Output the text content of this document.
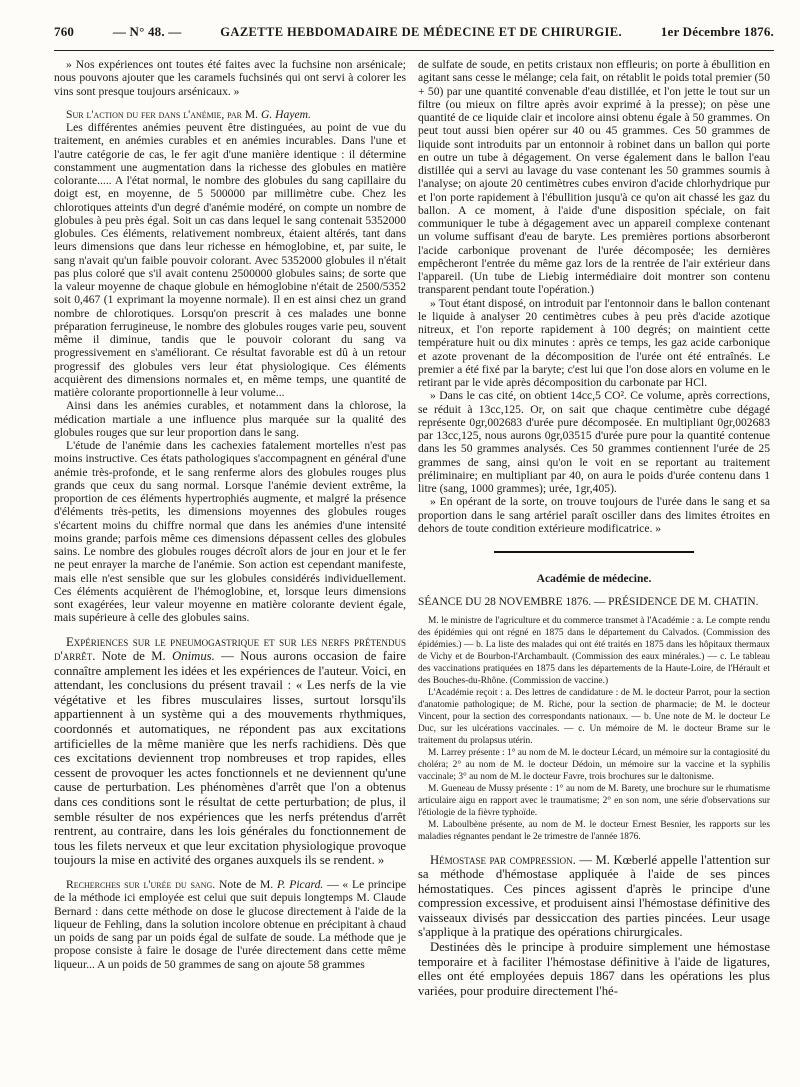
760	— N° 48. —	GAZETTE HEBDOMADAIRE DE MÉDECINE ET DE CHIRURGIE.	1er Décembre 1876.

» Nos expériences ont toutes été faites avec la fuchsine non arsénicale; nous pouvons ajouter que les caramels fuchsinés qui ont servi à colorer les vins sont presque toujours arsénicaux. »

Sur l'action du fer dans l'anémie, par M. G. Hayem.

Les différentes anémies peuvent être distinguées, au point de vue du traitement, en anémies curables et en anémies incurables. Dans l'une et l'autre catégorie de cas, le fer agit d'une manière identique : il détermine constamment une augmentation dans la richesse des globules en matière colorante..... A l'état normal, le nombre des globules du sang capillaire du doigt est, en moyenne, de 5 500000 par millimètre cube. Chez les chlorotiques atteints d'un degré d'anémie modéré, on compte un nombre de globules à peu près égal. Soit un cas dans lequel le sang contenait 5352000 globules. Ces éléments, relativement nombreux, étaient altérés, tant dans leurs dimensions que dans leur richesse en hémoglobine, et, par suite, le sang n'avait qu'un faible pouvoir colorant. Avec 5352000 globules il n'était pas plus coloré que s'il avait contenu 2500000 globules sains; de sorte que la valeur moyenne de chaque globule en hémoglobine n'était de 2500/5352 soit 0,467 (1 exprimant la moyenne normale). Il en est ainsi chez un grand nombre de chlorotiques. Lorsqu'on prescrit à ces malades une bonne préparation ferrugineuse, le nombre des globules rouges varie peu, souvent même il diminue, tandis que le pouvoir colorant du sang va progressivement en s'améliorant. Ce résultat favorable est dû à un retour progressif des globules vers leur état physiologique. Ces éléments acquièrent des dimensions normales et, en même temps, une quantité de matière colorante proportionnelle à leur volume...

Ainsi dans les anémies curables, et notamment dans la chlorose, la médication martiale a une influence plus marquée sur la qualité des globules rouges que sur leur proportion dans le sang.

L'étude de l'anémie dans les cachexies fatalement mortelles n'est pas moins instructive. Ces états pathologiques s'accompagnent en général d'une anémie très-profonde, et le sang renferme alors des globules rouges plus grands que ceux du sang normal. Lorsque l'anémie devient extrême, la proportion de ces éléments hypertrophiés augmente, et malgré la présence d'éléments très-petits, les dimensions moyennes des globules rouges s'écartent moins du chiffre normal que dans les anémies d'une intensité moins grande; parfois même ces dimensions dépassent celles des globules sains. Le nombre des globules rouges décroît alors de jour en jour et le fer ne peut enrayer la marche de l'anémie. Son action est cependant manifeste, mais elle n'est sensible que sur les globules considérés individuellement. Ces éléments acquièrent de l'hémoglobine, et, lorsque leurs dimensions sont exagérées, leur valeur moyenne en matière colorante devient égale, mais supérieure à celle des globules sains.

Expériences sur le pneumogastrique et sur les nerfs prétendus d'arrêt. Note de M. Onimus. — Nous aurons occasion de faire connaître amplement les idées et les expériences de l'auteur. Voici, en attendant, les conclusions du présent travail : « Les nerfs de la vie végétative et les fibres musculaires lisses, surtout lorsqu'ils appartiennent à un système qui a des mouvements rhythmiques, coordonnés et automatiques, ne répondent pas aux excitations artificielles de la même manière que les nerfs rachidiens. Dès que ces excitations deviennent trop nombreuses et trop rapides, elles cessent de provoquer les actes fonctionnels et ne deviennent qu'une cause de perturbation. Les phénomènes d'arrêt que l'on a obtenus dans ces conditions sont le résultat de cette perturbation; de plus, il semble résulter de nos expériences que les nerfs prétendus d'arrêt rentrent, au contraire, dans les lois générales du fonctionnement de tous les filets nerveux et que leur excitation physiologique provoque toujours la mise en activité des organes auxquels ils se rendent. »

Recherches sur l'urée du sang. Note de M. P. Picard. — « Le principe de la méthode ici employée est celui que suit depuis longtemps M. Claude Bernard : dans cette méthode on dose le glucose directement à l'aide de la liqueur de Fehling, dans la solution incolore obtenue en précipitant à chaud un poids de sang par un poids égal de sulfate de soude. La méthode que je propose consiste à faire le dosage de l'urée directement dans cette même liqueur... A un poids de 50 grammes de sang on ajoute 58 grammes

de sulfate de soude, en petits cristaux non effleuris; on porte à ébullition en agitant sans cesse le mélange; cela fait, on rétablit le poids total premier (50 + 50) par une quantité convenable d'eau distillée, et l'on jette le tout sur un filtre (ou mieux on filtre après avoir exprimé à la presse); on pèse une quantité de ce liquide clair et incolore ainsi obtenu égale à 50 grammes. On peut tout aussi bien opérer sur 40 ou 45 grammes. Ces 50 grammes de liquide sont introduits par un entonnoir à robinet dans un ballon qui porte en outre un tube à dégagement. On verse également dans le ballon l'eau distillée qui a servi au lavage du vase contenant les 50 grammes soumis à l'analyse; on ajoute 20 centimètres cubes environ d'acide chlorhydrique pur et l'on porte rapidement à l'ébullition jusqu'à ce qu'on ait chassé les gaz du ballon. A ce moment, à l'aide d'une disposition spéciale, on fait communiquer le tube à dégagement avec un appareil complexe contenant un volume suffisant d'eau de baryte. Les premières portions absorberont l'acide carbonique provenant de l'urée décomposée; les dernières empêcheront l'entrée du même gaz lors de la rentrée de l'air extérieur dans l'appareil. (Un tube de Liebig intermédiaire doit montrer son contenu transparent pendant toute l'opération.)

» Tout étant disposé, on introduit par l'entonnoir dans le ballon contenant le liquide à analyser 20 centimètres cubes à peu près d'acide azotique nitreux, et l'on reporte rapidement à 100 degrés; on maintient cette température huit ou dix minutes : après ce temps, les gaz acide carbonique et azote provenant de la décomposition de l'urée ont été entraînés. Le premier a été fixé par la baryte; c'est lui que l'on dose alors en volume en le retirant par le vide après décomposition du carbonate par HCl.

» Dans le cas cité, on obtient 14cc,5 CO². Ce volume, après corrections, se réduit à 13cc,125. Or, on sait que chaque centimètre cube dégagé représente 0gr,002683 d'urée pure décomposée. En multipliant 0gr,002683 par 13cc,125, nous aurons 0gr,03515 d'urée pure pour la quantité contenue dans les 50 grammes analysés. Ces 50 grammes contiennent l'urée de 25 grammes de sang, ainsi qu'on le voit en se reportant au traitement préliminaire; en multipliant par 40, on aura le poids d'urée contenu dans 1 litre (sang, 1000 grammes); urée, 1gr,405).

» En opérant de la sorte, on trouve toujours de l'urée dans le sang et sa proportion dans le sang artériel paraît osciller dans des limites étroites en dehors de toute condition extérieure modificatrice. »

Académie de médecine.

SÉANCE DU 28 NOVEMBRE 1876. — PRÉSIDENCE DE M. CHATIN.

M. le ministre de l'agriculture et du commerce transmet à l'Académie : a. Le compte rendu des épidémies qui ont régné en 1875 dans le département du Calvados. (Commission des épidémies.) — b. La liste des malades qui ont été traités en 1875 dans les hôpitaux thermaux de Vichy et de Bourbon-l'Archambault. (Commission des eaux minérales.) — c. Le tableau des vaccinations pratiquées en 1875 dans les départements de la Haute-Loire, de l'Hérault et des Bouches-du-Rhône. (Commission de vaccine.)

L'Académie reçoit : a. Des lettres de candidature : de M. le docteur Parrot, pour la section d'anatomie pathologique; de M. Riche, pour la section de pharmacie; de M. le docteur Vincent, pour la section des correspondants nationaux. — b. Une note de M. le docteur Le Duc, sur les ulcérations vaccinales. — c. Un mémoire de M. le docteur Brame sur le traitement du prolapsus utérin.

M. Larrey présente : 1° au nom de M. le docteur Lécard, un mémoire sur la contagiosité du choléra; 2° au nom de M. le docteur Dédoin, un mémoire sur la vaccine et la syphilis vaccinale; 3° au nom de M. le docteur Favre, trois brochures sur le daltonisme.

M. Gueneau de Mussy présente : 1° au nom de M. Barety, une brochure sur le rhumatisme articulaire aigu en rapport avec le traumatisme; 2° en son nom, une série d'observations sur l'étiologie de la fièvre typhoïde.

M. Laboulbène présente, au nom de M. le docteur Ernest Besnier, les rapports sur les maladies régnantes pendant le 2e trimestre de l'année 1876.

Hémostase par compression. — M. Kœberlé appelle l'attention sur sa méthode d'hémostase appliquée à l'aide de ses pinces hémostatiques. Ces pinces agissent d'après le principe d'une compression excessive, et produisent ainsi l'hémostase définitive des vaisseaux divisés par dessiccation des parties pincées. Leur usage s'applique à la pratique des opérations chirurgicales.

Destinées dès le principe à produire simplement une hémostase temporaire et à faciliter l'hémostase définitive à l'aide de ligatures, elles ont été employées depuis 1867 dans les opérations les plus variées, pour produire directement l'hé-
